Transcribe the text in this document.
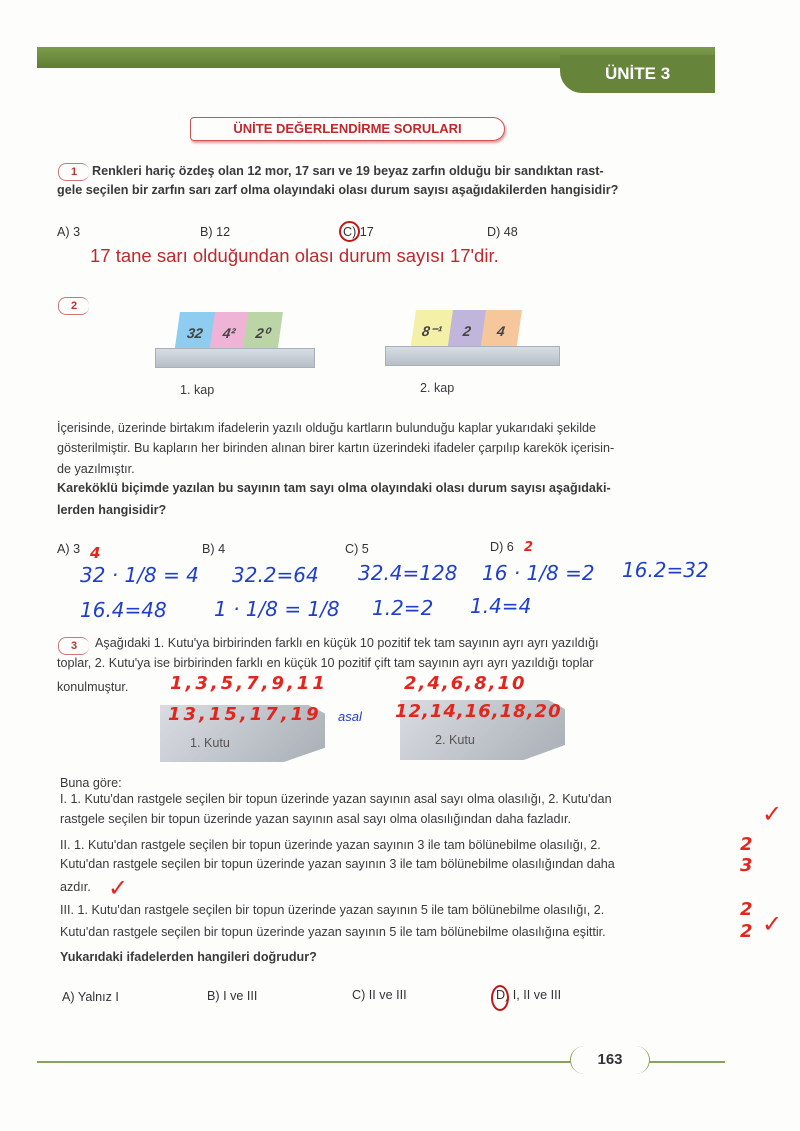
ÜNİTE 3
ÜNİTE DEĞERLENDİRME SORULARI
1	Renkleri hariç özdeş olan 12 mor, 17 sarı ve 19 beyaz zarfın olduğu bir sandıktan rast-
gele seçilen bir zarfın sarı zarf olma olayındaki olası durum sayısı aşağıdakilerden hangisidir?
A) 3	B) 12	C) 17	D) 48
17 tane sarı olduğundan olası durum sayısı 17'dir.
2
32	4²	2⁰
1. kap
8⁻¹	2	4
2. kap
İçerisinde, üzerinde birtakım ifadelerin yazılı olduğu kartların bulunduğu kaplar yukarıdaki şekilde
gösterilmiştir. Bu kapların her birinden alınan birer kartın üzerindeki ifadeler çarpılıp karekök içerisin-
de yazılmıştır.
Kareköklü biçimde yazılan bu sayının tam sayı olma olayındaki olası durum sayısı aşağıdaki-
lerden hangisidir?
A) 3	B) 4	C) 5	D) 6
4	2
32 · 1/8 = 4 32.2=64 32.4=128 16 · 1/8 =2 16.2=32
16.4=48 1 · 1/8 = 1/8 1.2=2 1.4=4
3	Aşağıdaki 1. Kutu'ya birbirinden farklı en küçük 10 pozitif tek tam sayının ayrı ayrı yazıldığı
toplar, 2. Kutu'ya ise birbirinden farklı en küçük 10 pozitif çift tam sayının ayrı ayrı yazıldığı toplar
konulmuştur.
1. Kutu	2. Kutu
1,3,5,7,9,11
13,15,17,19 asal
2,4,6,8,10
12,14,16,18,20
Buna göre:
I. 1. Kutu'dan rastgele seçilen bir topun üzerinde yazan sayının asal sayı olma olasılığı, 2. Kutu'dan
rastgele seçilen bir topun üzerinde yazan sayının asal sayı olma olasılığından daha fazladır.
II. 1. Kutu'dan rastgele seçilen bir topun üzerinde yazan sayının 3 ile tam bölünebilme olasılığı, 2.
Kutu'dan rastgele seçilen bir topun üzerinde yazan sayının 3 ile tam bölünebilme olasılığından daha
azdır.
III. 1. Kutu'dan rastgele seçilen bir topun üzerinde yazan sayının 5 ile tam bölünebilme olasılığı, 2.
Kutu'dan rastgele seçilen bir topun üzerinde yazan sayının 5 ile tam bölünebilme olasılığına eşittir.
Yukarıdaki ifadelerden hangileri doğrudur?
✓
✓
✓
2
3
2
2
A) Yalnız I	B) I ve III	C) II ve III	D) I, II ve III
163
